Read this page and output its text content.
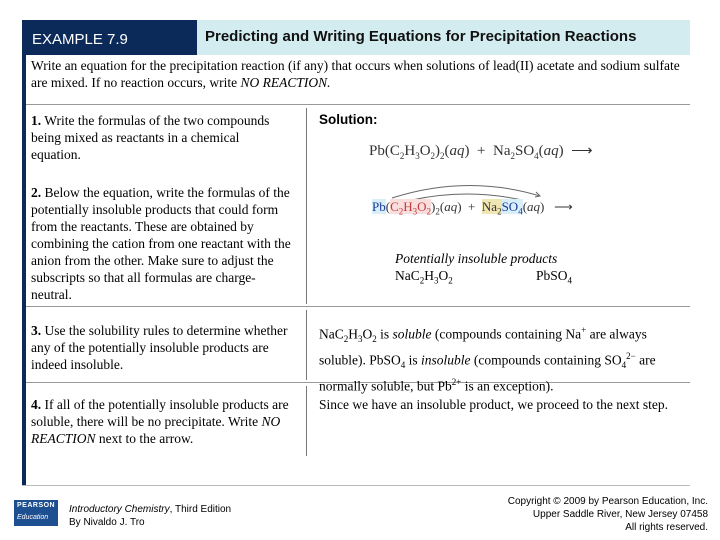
EXAMPLE 7.9	Predicting and Writing Equations for Precipitation Reactions
Write an equation for the precipitation reaction (if any) that occurs when solutions of lead(II) acetate and sodium sulfate are mixed. If no reaction occurs, write NO REACTION.
1. Write the formulas of the two compounds being mixed as reactants in a chemical equation.
2. Below the equation, write the formulas of the potentially insoluble products that could form from the reactants. These are obtained by combining the cation from one reactant with the anion from the other. Make sure to adjust the subscripts so that all formulas are charge-neutral.
3. Use the solubility rules to determine whether any of the potentially insoluble products are indeed insoluble.
4. If all of the potentially insoluble products are soluble, there will be no precipitate. Write NO REACTION next to the arrow.
Solution:
$Pb(C_2H_3O_2)_2(aq) + Na_2SO_4(aq)$  ⟶
$Pb(C_2H_3O_2)_2(aq) + Na_2SO_4(aq)$   ⟶
Potentially insoluble products
$NaC_2H_3O_2$	PbSO$_4$
$NaC_2H_3O_2$ is soluble (compounds containing Na+ are always soluble). PbSO$_4$ is insoluble (compounds containing $SO_4^{2-}$ are normally soluble, but $Pb^{2+}$ is an exception).
Since we have an insoluble product, we proceed to the next step.
PEARSON
Education
Introductory Chemistry, Third Edition
By Nivaldo J. Tro
Copyright © 2009 by Pearson Education, Inc.
Upper Saddle River, New Jersey 07458
All rights reserved.
